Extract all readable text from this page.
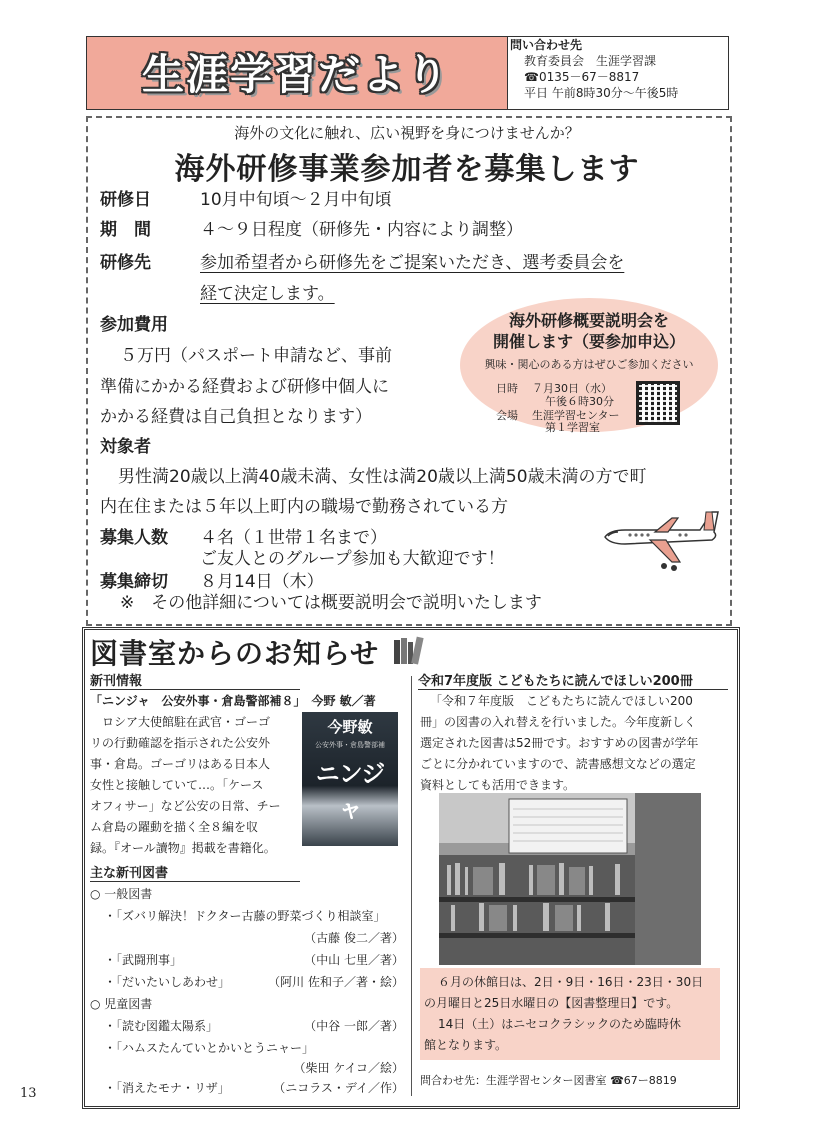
生涯学習だより
問い合わせ先
教育委員会　生涯学習課
☎0135－67－8817
平日 午前8時30分～午後5時
海外の文化に触れ、広い視野を身につけませんか？
海外研修事業参加者を募集します
研修日	10月中旬頃～２月中旬頃
期　間	４～９日程度（研修先・内容により調整）
研修先	参加希望者から研修先をご提案いただき、選考委員会を
経て決定します。
参加費用
５万円（パスポート申請など、事前
準備にかかる経費および研修中個人に
かかる経費は自己負担となります）
対象者
男性満20歳以上満40歳未満、女性は満20歳以上満50歳未満の方で町
内在住または５年以上町内の職場で勤務されている方
募集人数 ４名（１世帯１名まで）
ご友人とのグループ参加も大歓迎です！
募集締切 ８月14日（木）
※　その他詳細については概要説明会で説明いたします
海外研修概要説明会を
開催します（要参加申込）
興味・関心のある方はぜひご参加ください
日時 ７月30日（水）
午後６時30分
会場 生涯学習センター
第１学習室
図書室からのお知らせ
新刊情報
「ニンジャ　公安外事・倉島警部補８」　今野 敏／著
ロシア大使館駐在武官・ゴーゴ
リの行動確認を指示された公安外
事・倉島。ゴーゴリはある日本人
女性と接触していて…。「ケース
オフィサー」など公安の日常、チー
ム倉島の躍動を描く全８編を収
録。『オール讀物』掲載を書籍化。
今野敏
公安外事・倉島警部補
ニンジャ
主な新刊図書
○ 一般図書
・「ズバリ解決！ドクター古藤の野菜づくり相談室」
（古藤 俊二／著）
・「武闘刑事」	（中山 七里／著）
・「だいたいしあわせ」	（阿川 佐和子／著・絵）
○ 児童図書
・「読む図鑑太陽系」	（中谷 一郎／著）
・「ハムスたんていとかいとうニャー」
（柴田 ケイコ／絵）
・「消えたモナ・リザ」	（ニコラス・デイ／作）
令和7年度版 こどもたちに読んでほしい200冊
「令和７年度版　こどもたちに読んでほしい200
冊」の図書の入れ替えを行いました。今年度新しく
選定された図書は52冊です。おすすめの図書が学年
ごとに分かれていますので、読書感想文などの選定
資料としても活用できます。
６月の休館日は、2日・9日・16日・23日・30日
の月曜日と25日水曜日の【図書整理日】です。
14日（土）はニセコクラシックのため臨時休
館となります。
問合わせ先：生涯学習センター図書室 ☎67ー8819
13
